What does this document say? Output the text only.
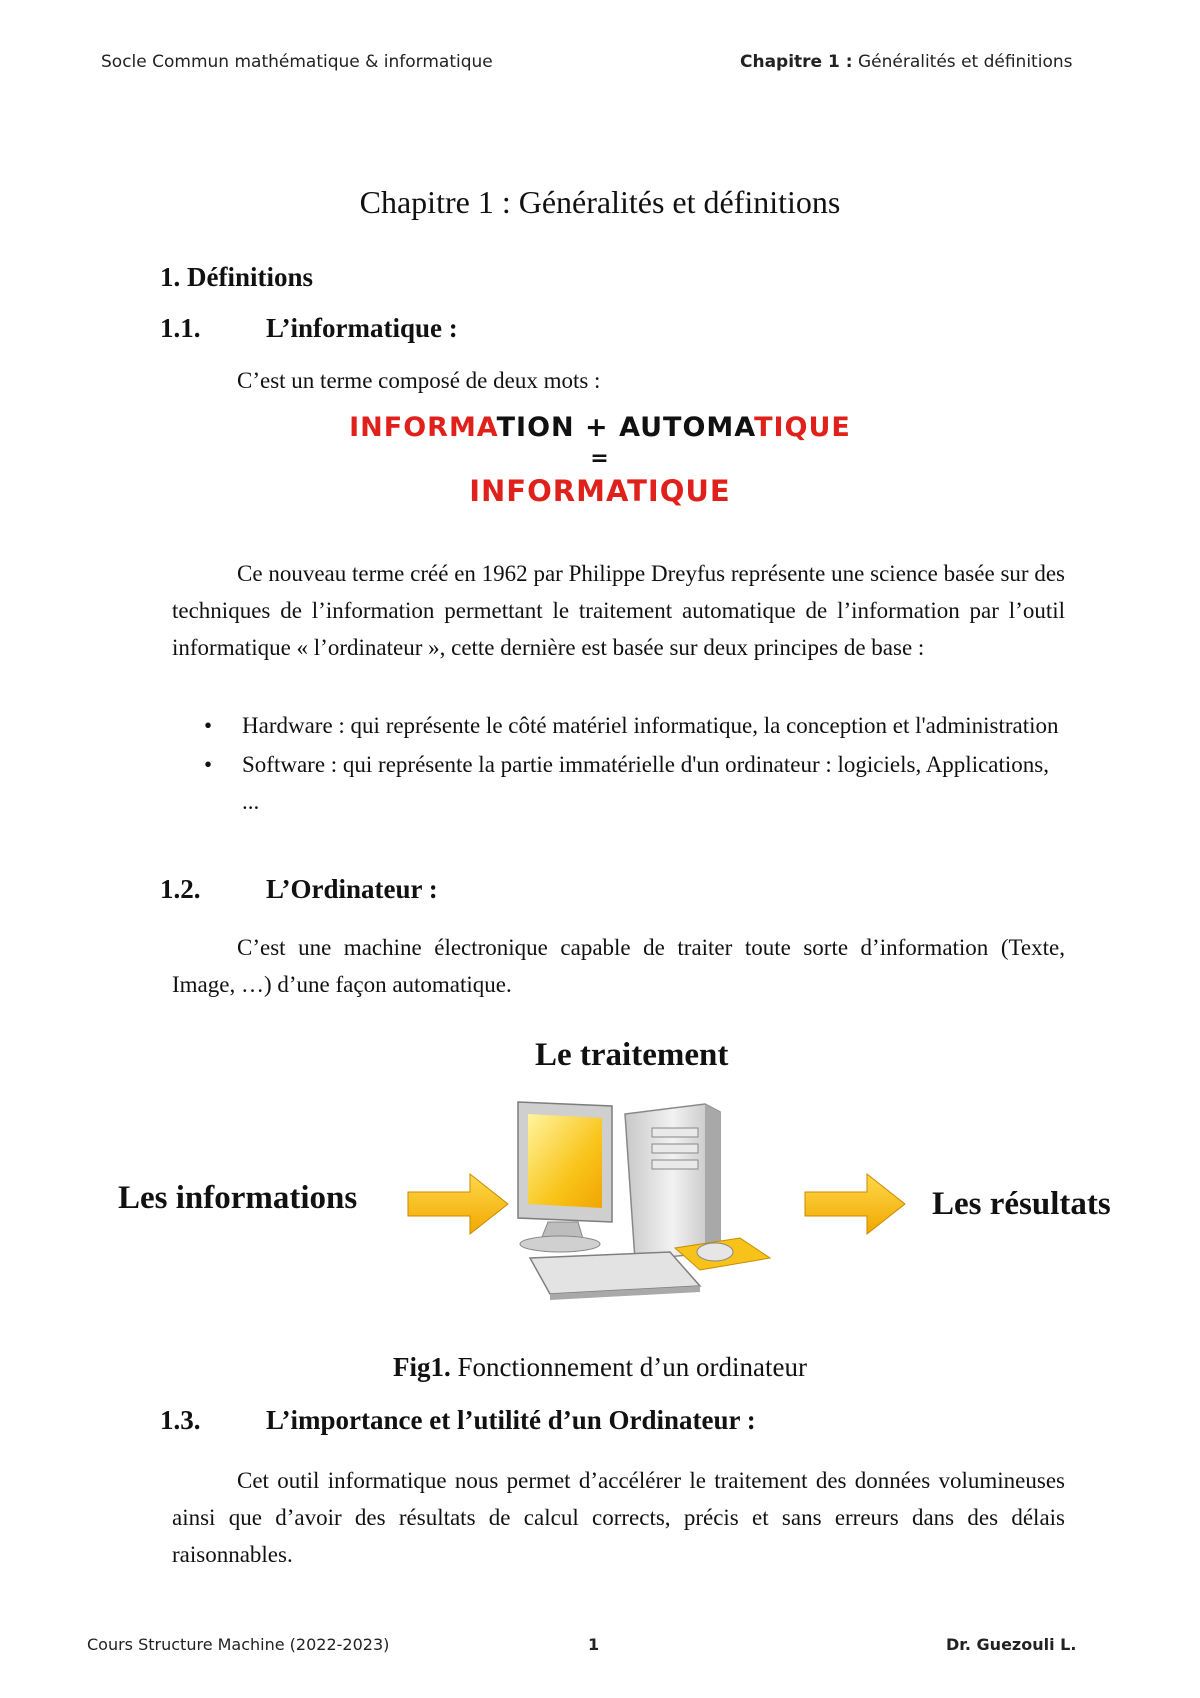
Socle Commun mathématique & informatique	Chapitre 1 : Généralités et définitions
Chapitre 1 : Généralités et définitions
1. Définitions
1.1. L’informatique :
C’est un terme composé de deux mots :
INFORMATION + AUTOMATIQUE
=
INFORMATIQUE
Ce nouveau terme créé en 1962 par Philippe Dreyfus représente une science basée sur des techniques de l’information permettant le traitement automatique de l’information par l’outil informatique « l’ordinateur », cette dernière est basée sur deux principes de base :
• Hardware : qui représente le côté matériel informatique, la conception et l'administration
• Software : qui représente la partie immatérielle d'un ordinateur : logiciels, Applications, ...
1.2. L’Ordinateur :
C’est une machine électronique capable de traiter toute sorte d’information (Texte, Image, …) d’une façon automatique.
Le traitement
Les informations	Les résultats
Fig1. Fonctionnement d’un ordinateur
1.3. L’importance et l’utilité d’un Ordinateur :
Cet outil informatique nous permet d’accélérer le traitement des données volumineuses ainsi que d’avoir des résultats de calcul corrects, précis et sans erreurs dans des délais raisonnables.
Cours Structure Machine (2022-2023)	1	Dr. Guezouli L.
